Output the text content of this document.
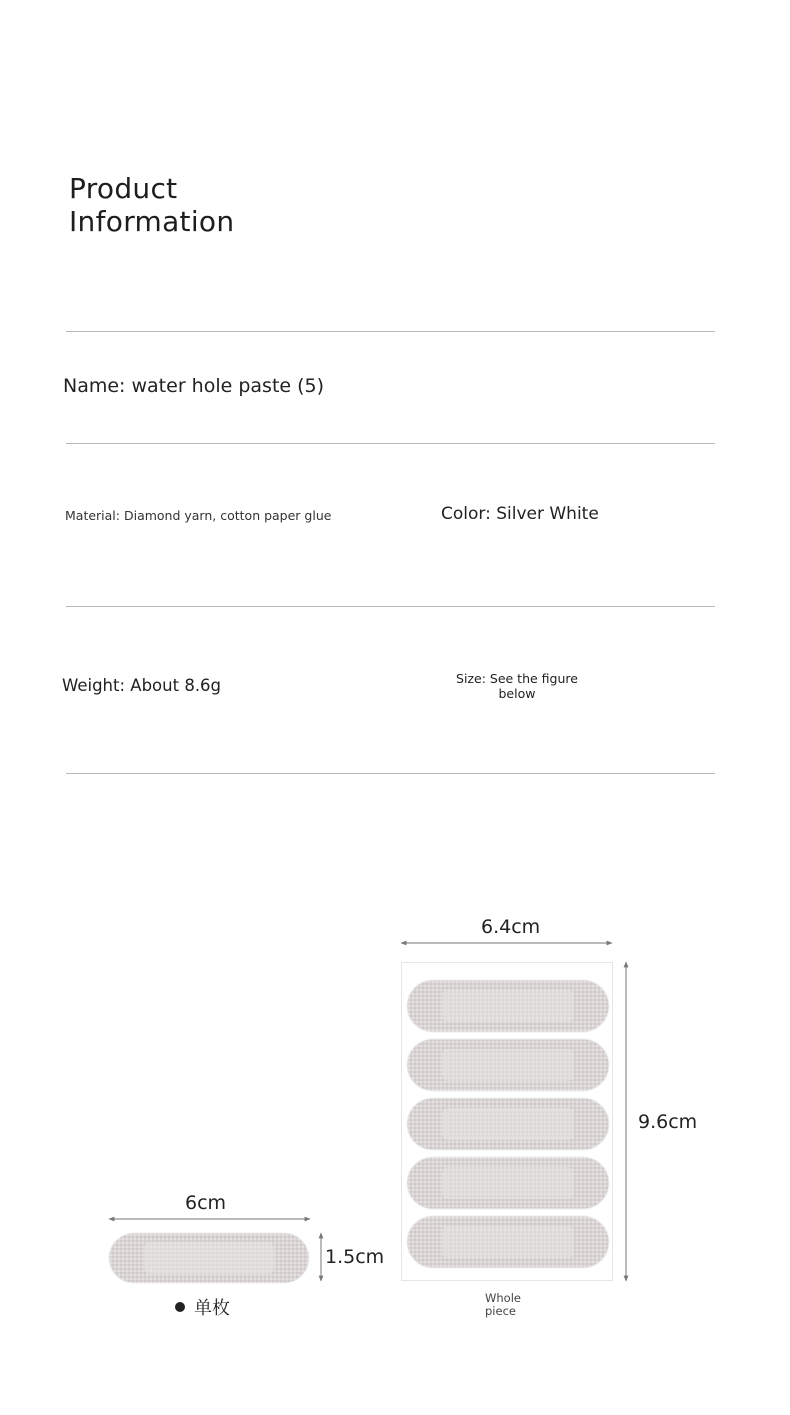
Product
Information
Name: water hole paste (5)
Material: Diamond yarn, cotton paper glue	Color: Silver White
Weight: About 8.6g	Size: See the figure
below
6cm
1.5cm
单枚
6.4cm
9.6cm
Whole
piece
